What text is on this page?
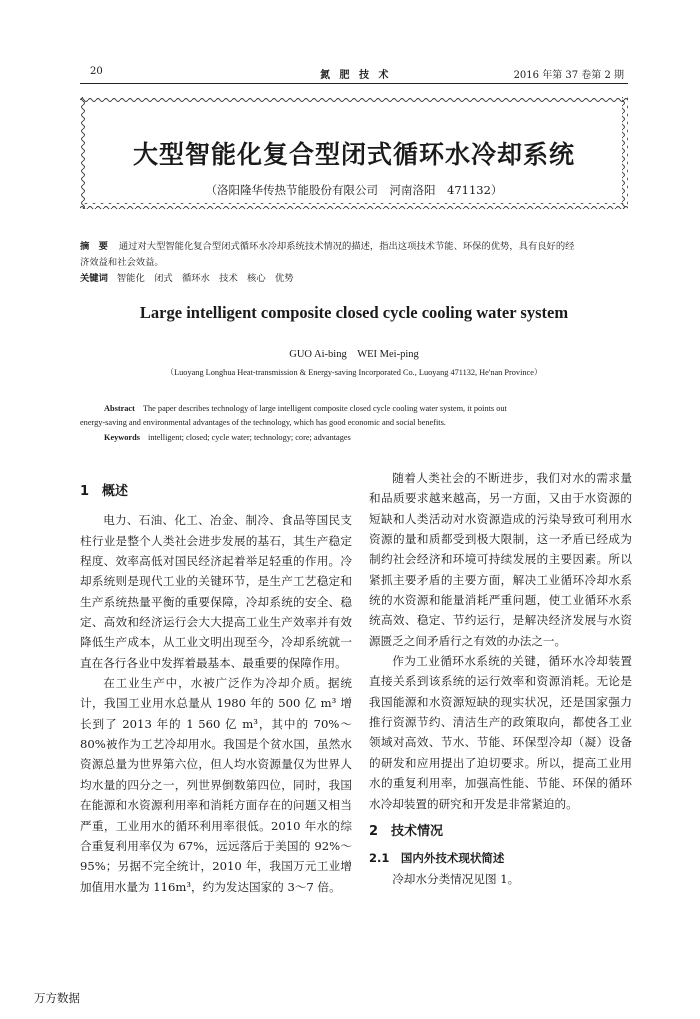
20	氮 肥 技 术	2016 年第 37 卷第 2 期
大型智能化复合型闭式循环水冷却系统
（洛阳隆华传热节能股份有限公司　河南洛阳　471132）
摘　要 通过对大型智能化复合型闭式循环水冷却系统技术情况的描述，指出这项技术节能、环保的优势，具有良好的经
济效益和社会效益。
关键词 智能化　闭式　循环水　技术　核心　优势
Large intelligent composite closed cycle cooling water system
GUO Ai-bing　WEI Mei-ping
（Luoyang Longhua Heat-transmission & Energy-saving Incorporated Co., Luoyang 471132, He'nan Province）
Abstract The paper describes technology of large intelligent composite closed cycle cooling water system, it points out
energy-saving and environmental advantages of the technology, which has good economic and social benefits.
Keywords intelligent; closed; cycle water; technology; core; advantages
1　概述

电力、石油、化工、冶金、制冷、食品等国民支柱行业是整个人类社会进步发展的基石，其生产稳定程度、效率高低对国民经济起着举足轻重的作用。冷却系统则是现代工业的关键环节，是生产工艺稳定和生产系统热量平衡的重要保障，冷却系统的安全、稳定、高效和经济运行会大大提高工业生产效率并有效降低生产成本，从工业文明出现至今，冷却系统就一直在各行各业中发挥着最基本、最重要的保障作用。

在工业生产中，水被广泛作为冷却介质。据统计，我国工业用水总量从 1980 年的 500 亿 m³ 增长到了 2013 年的 1 560 亿 m³，其中的 70%～80%被作为工艺冷却用水。我国是个贫水国，虽然水资源总量为世界第六位，但人均水资源量仅为世界人均水量的四分之一，列世界倒数第四位，同时，我国在能源和水资源利用率和消耗方面存在的问题又相当严重，工业用水的循环利用率很低。2010 年水的综合重复利用率仅为 67%，远远落后于美国的 92%～95%；另据不完全统计，2010 年，我国万元工业增加值用水量为 116m³，约为发达国家的 3～7 倍。

随着人类社会的不断进步，我们对水的需求量和品质要求越来越高，另一方面，又由于水资源的短缺和人类活动对水资源造成的污染导致可利用水资源的量和质都受到极大限制，这一矛盾已经成为制约社会经济和环境可持续发展的主要因素。所以紧抓主要矛盾的主要方面，解决工业循环冷却水系统的水资源和能量消耗严重问题，使工业循环水系统高效、稳定、节约运行，是解决经济发展与水资源匮乏之间矛盾行之有效的办法之一。

作为工业循环水系统的关键，循环水冷却装置直接关系到该系统的运行效率和资源消耗。无论是我国能源和水资源短缺的现实状况，还是国家强力推行资源节约、清洁生产的政策取向，都使各工业领域对高效、节水、节能、环保型冷却（凝）设备的研发和应用提出了迫切要求。所以，提高工业用水的重复利用率，加强高性能、节能、环保的循环水冷却装置的研究和开发是非常紧迫的。

2　技术情况
2.1　国内外技术现状简述

冷却水分类情况见图 1。

万方数据
